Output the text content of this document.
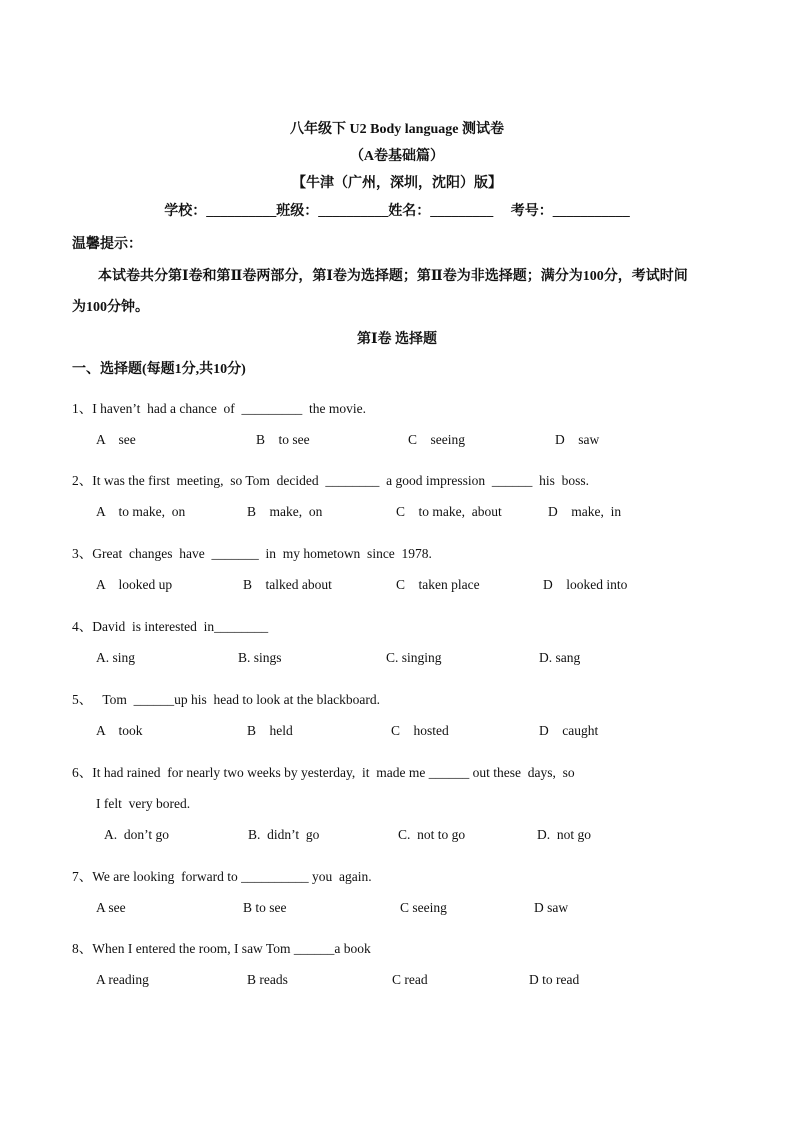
八年级下 U2 Body language 测试卷
（A卷基础篇）
【牛津（广州，深圳，沈阳）版】
学校：__________班级：__________姓名：_________     考号：___________
温馨提示：
本试卷共分第Ⅰ卷和第Ⅱ卷两部分，第Ⅰ卷为选择题；第Ⅱ卷为非选择题；满分为100分，考试时间
为100分钟。
第Ⅰ卷 选择题
一、选择题(每题1分,共10分)
1、I haven’t  had a chance  of  _________  the movie.
A    see	B    to see	C    seeing	D    saw
2、It was the first  meeting,  so Tom  decided  ________  a good impression  ______  his  boss.
A    to make,  on	B    make,  on	C    to make,  about	D    make,  in
3、Great  changes  have  _______  in  my hometown  since  1978.
A    looked up	B    talked about	C    taken place	D    looked into
4、David  is interested  in________
A. sing	B. sings	C. singing	D. sang
5、   Tom  ______up his  head to look at the blackboard.
A    took	B    held	C    hosted	D    caught
6、It had rained  for nearly two weeks by yesterday,  it  made me ______ out these  days,  so
I felt  very bored.
A.  don’t go	B.  didn’t  go	C.  not to go	D.  not go
7、We are looking  forward to __________ you  again.
A see	B to see	C seeing	D saw
8、When I entered the room, I saw Tom ______a book
A reading	B reads	C read	D to read
